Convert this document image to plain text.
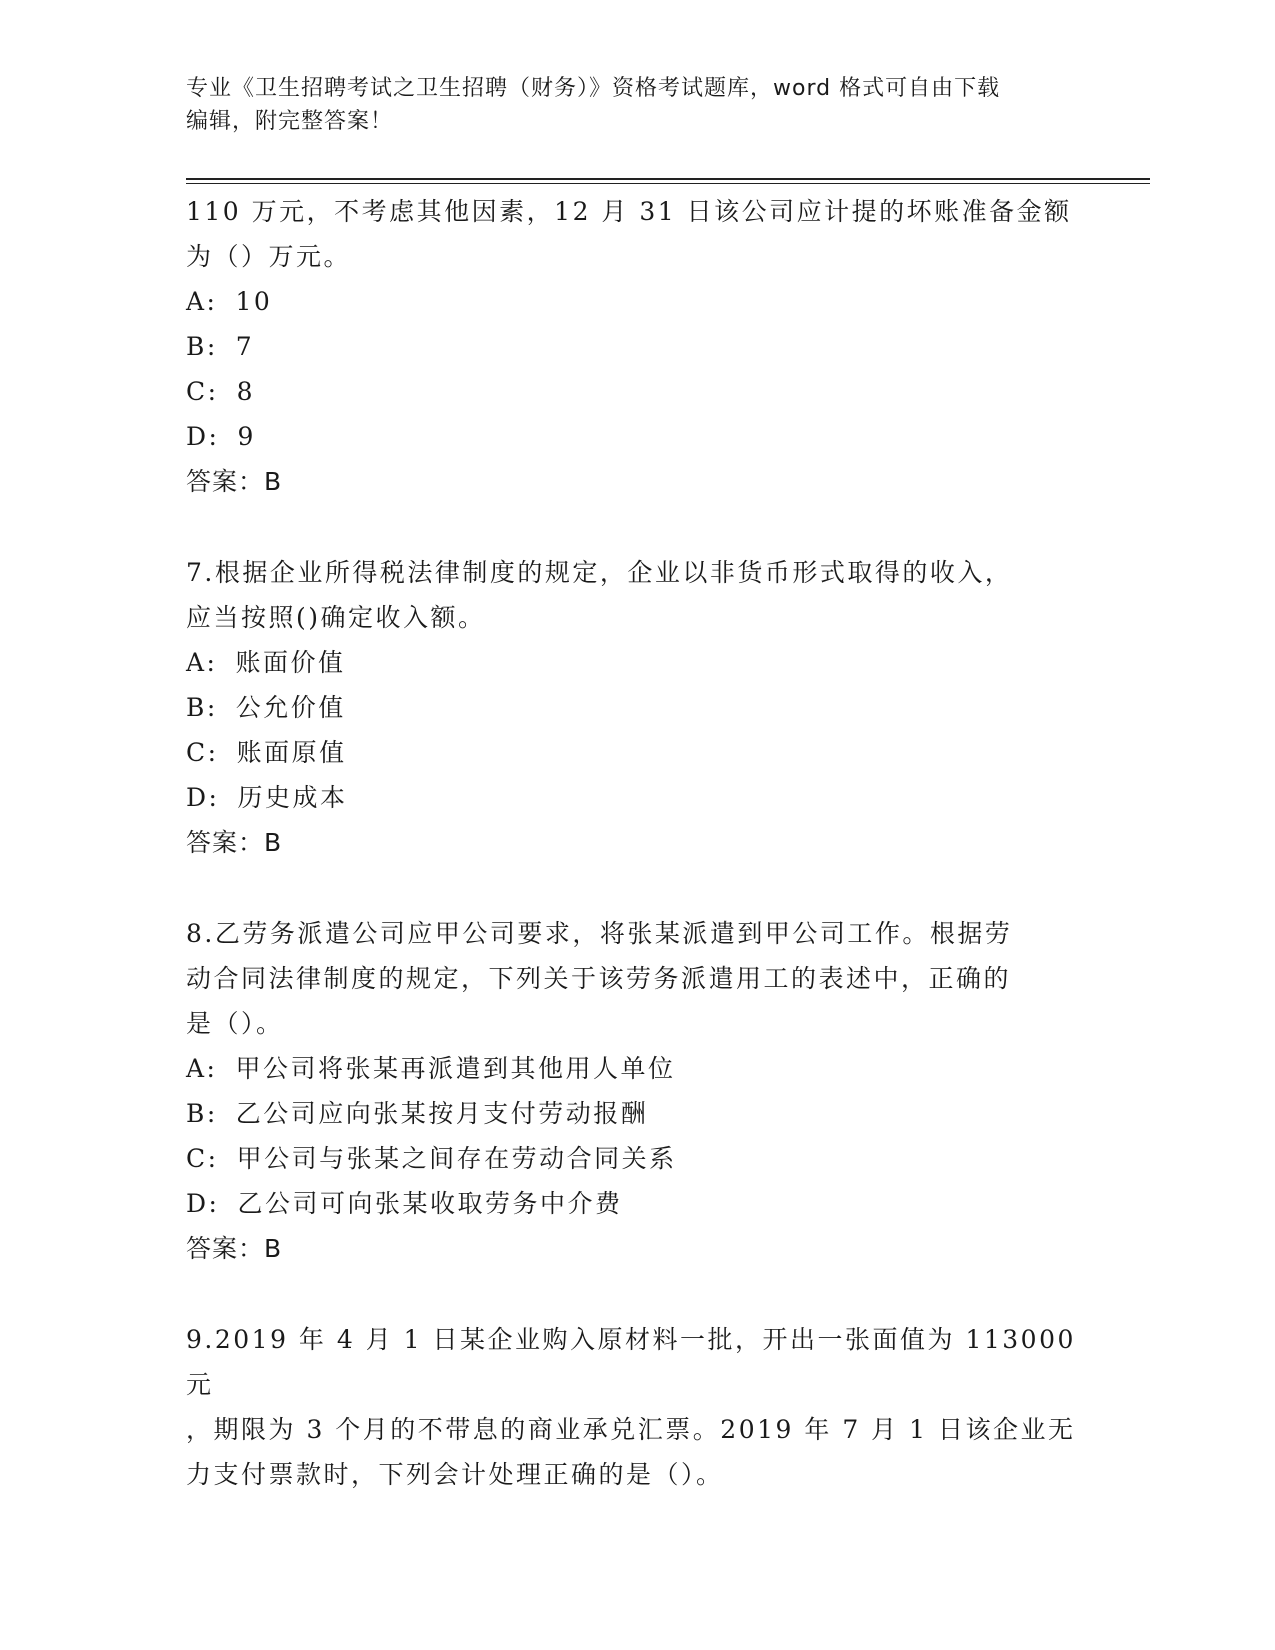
专业《卫生招聘考试之卫生招聘（财务）》资格考试题库，word 格式可自由下载
编辑，附完整答案！

110 万元，不考虑其他因素，12 月 31 日该公司应计提的坏账准备金额

为（）万元。

A: 10

B: 7

C: 8

D: 9

答案：B

7.根据企业所得税法律制度的规定，企业以非货币形式取得的收入，

应当按照()确定收入额。

A: 账面价值

B: 公允价值

C: 账面原值

D: 历史成本

答案：B

8.乙劳务派遣公司应甲公司要求，将张某派遣到甲公司工作。根据劳

动合同法律制度的规定，下列关于该劳务派遣用工的表述中，正确的

是（）。

A: 甲公司将张某再派遣到其他用人单位

B: 乙公司应向张某按月支付劳动报酬

C: 甲公司与张某之间存在劳动合同关系

D: 乙公司可向张某收取劳务中介费

答案：B

9.2019 年 4 月 1 日某企业购入原材料一批，开出一张面值为 113000 元

，期限为 3 个月的不带息的商业承兑汇票。2019 年 7 月 1 日该企业无

力支付票款时，下列会计处理正确的是（）。
